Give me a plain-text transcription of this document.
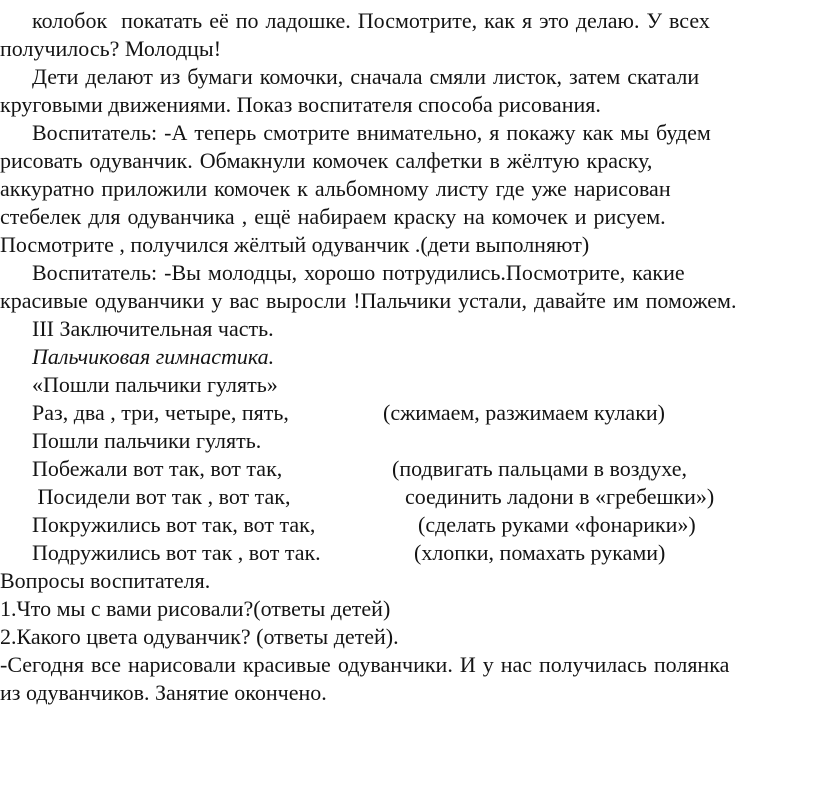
колобок  покатать её по ладошке. Посмотрите, как я это делаю. У всех
получилось? Молодцы!
Дети делают из бумаги комочки, сначала смяли листок, затем скатали
круговыми движениями. Показ воспитателя способа рисования.
Воспитатель: -А теперь смотрите внимательно, я покажу как мы будем
рисовать одуванчик. Обмакнули комочек салфетки в жёлтую краску,
аккуратно приложили комочек к альбомному листу где уже нарисован
стебелек для одуванчика , ещё набираем краску на комочек и рисуем.
Посмотрите , получился жёлтый одуванчик .(дети выполняют)
Воспитатель: -Вы молодцы, хорошо потрудились.Посмотрите, какие
красивые одуванчики у вас выросли !Пальчики устали, давайте им поможем.
III Заключительная часть.
Пальчиковая гимнастика.
«Пошли пальчики гулять»
Раз, два , три, четыре, пять,	(сжимаем, разжимаем кулаки)
Пошли пальчики гулять.
Побежали вот так, вот так,	(подвигать пальцами в воздухе,
Посидели вот так , вот так,	соединить ладони в «гребешки»)
Покружились вот так, вот так,	(сделать руками «фонарики»)
Подружились вот так , вот так.	(хлопки, помахать руками)
Вопросы воспитателя.
1.Что мы с вами рисовали?(ответы детей)
2.Какого цвета одуванчик? (ответы детей).
-Сегодня все нарисовали красивые одуванчики. И у нас получилась полянка
из одуванчиков. Занятие окончено.
